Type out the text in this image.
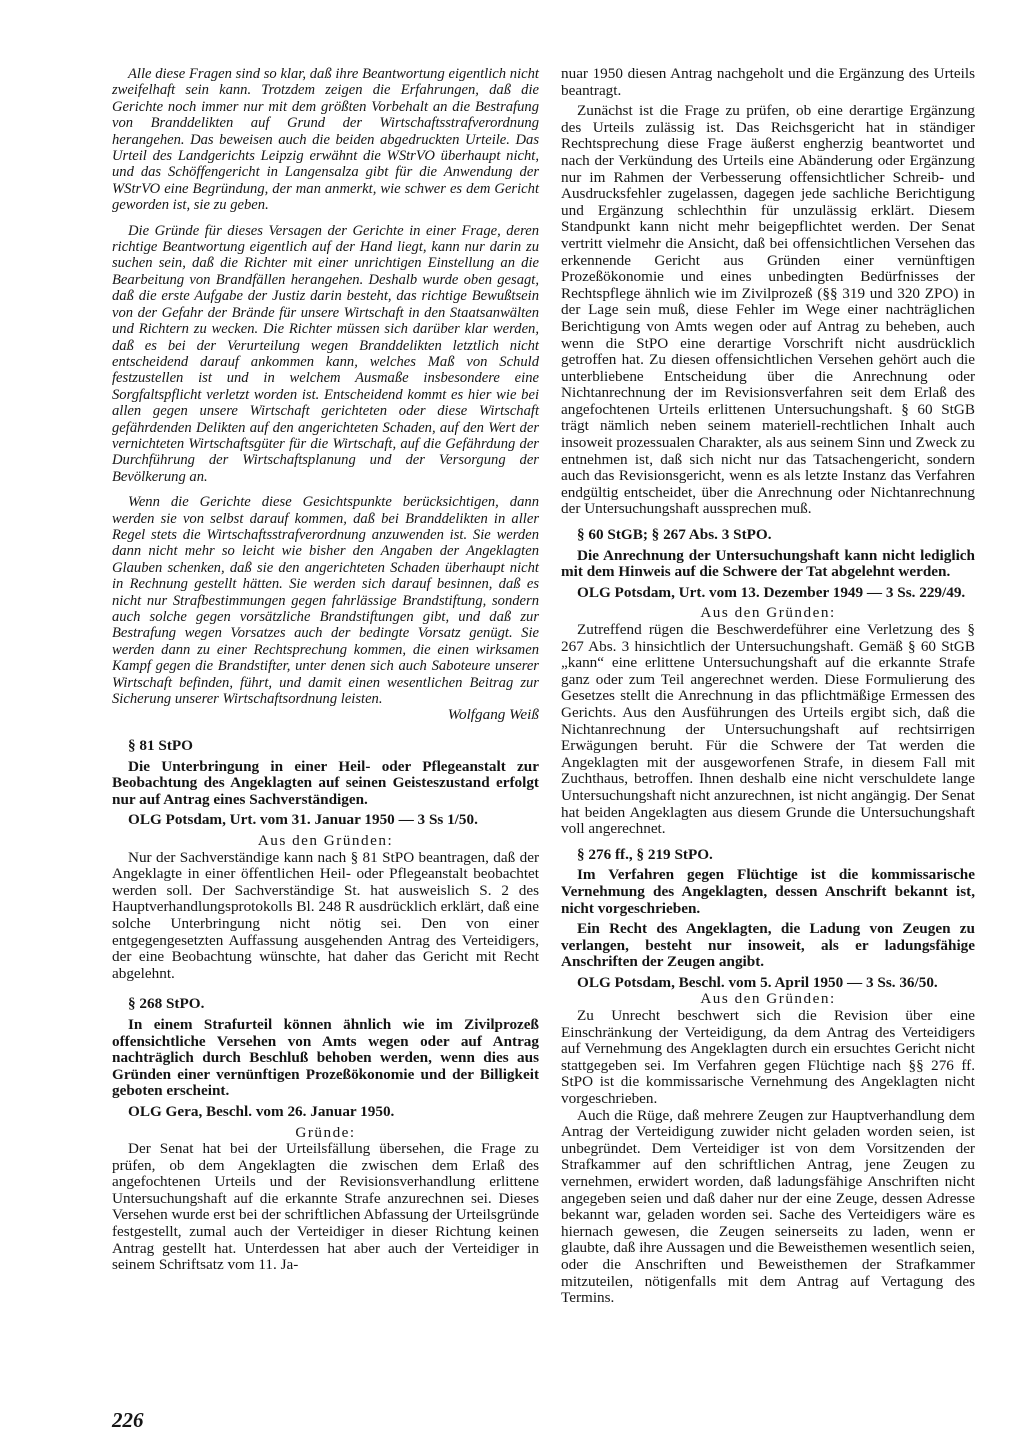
Alle diese Fragen sind so klar, daß ihre Beantwortung eigentlich nicht zweifelhaft sein kann. Trotzdem zeigen die Erfahrungen, daß die Gerichte noch immer nur mit dem größten Vorbehalt an die Bestrafung von Branddelikten auf Grund der Wirtschaftsstrafverordnung herangehen. Das beweisen auch die beiden abgedruckten Urteile. Das Urteil des Landgerichts Leipzig erwähnt die WStrVO überhaupt nicht, und das Schöffengericht in Langensalza gibt für die Anwendung der WStrVO eine Begründung, der man anmerkt, wie schwer es dem Gericht geworden ist, sie zu geben.

Die Gründe für dieses Versagen der Gerichte in einer Frage, deren richtige Beantwortung eigentlich auf der Hand liegt, kann nur darin zu suchen sein, daß die Richter mit einer unrichtigen Einstellung an die Bearbeitung von Brandfällen herangehen. Deshalb wurde oben gesagt, daß die erste Aufgabe der Justiz darin besteht, das richtige Bewußtsein von der Gefahr der Brände für unsere Wirtschaft in den Staatsanwälten und Richtern zu wecken. Die Richter müssen sich darüber klar werden, daß es bei der Verurteilung wegen Branddelikten letztlich nicht entscheidend darauf ankommen kann, welches Maß von Schuld festzustellen ist und in welchem Ausmaße insbesondere eine Sorgfaltspflicht verletzt worden ist. Entscheidend kommt es hier wie bei allen gegen unsere Wirtschaft gerichteten oder diese Wirtschaft gefährdenden Delikten auf den angerichteten Schaden, auf den Wert der vernichteten Wirtschaftsgüter für die Wirtschaft, auf die Gefährdung der Durchführung der Wirtschaftsplanung und der Versorgung der Bevölkerung an.

Wenn die Gerichte diese Gesichtspunkte berücksichtigen, dann werden sie von selbst darauf kommen, daß bei Branddelikten in aller Regel stets die Wirtschaftsstrafverordnung anzuwenden ist. Sie werden dann nicht mehr so leicht wie bisher den Angaben der Angeklagten Glauben schenken, daß sie den angerichteten Schaden überhaupt nicht in Rechnung gestellt hätten. Sie werden sich darauf besinnen, daß es nicht nur Strafbestimmungen gegen fahrlässige Brandstiftung, sondern auch solche gegen vorsätzliche Brandstiftungen gibt, und daß zur Bestrafung wegen Vorsatzes auch der bedingte Vorsatz genügt. Sie werden dann zu einer Rechtsprechung kommen, die einen wirksamen Kampf gegen die Brandstifter, unter denen sich auch Saboteure unserer Wirtschaft befinden, führt, und damit einen wesentlichen Beitrag zur Sicherung unserer Wirtschaftsordnung leisten.

Wolfgang Weiß

§ 81 StPO

Die Unterbringung in einer Heil- oder Pflegeanstalt zur Beobachtung des Angeklagten auf seinen Geisteszustand erfolgt nur auf Antrag eines Sachverständigen.

OLG Potsdam, Urt. vom 31. Januar 1950 — 3 Ss 1/50.

Aus den Gründen:

Nur der Sachverständige kann nach § 81 StPO beantragen, daß der Angeklagte in einer öffentlichen Heil- oder Pflegeanstalt beobachtet werden soll. Der Sachverständige St. hat ausweislich S. 2 des Hauptverhandlungsprotokolls Bl. 248 R ausdrücklich erklärt, daß eine solche Unterbringung nicht nötig sei. Den von einer entgegengesetzten Auffassung ausgehenden Antrag des Verteidigers, der eine Beobachtung wünschte, hat daher das Gericht mit Recht abgelehnt.

§ 268 StPO.

In einem Strafurteil können ähnlich wie im Zivilprozeß offensichtliche Versehen von Amts wegen oder auf Antrag nachträglich durch Beschluß behoben werden, wenn dies aus Gründen einer vernünftigen Prozeßökonomie und der Billigkeit geboten erscheint.

OLG Gera, Beschl. vom 26. Januar 1950.

Gründe:

Der Senat hat bei der Urteilsfällung übersehen, die Frage zu prüfen, ob dem Angeklagten die zwischen dem Erlaß des angefochtenen Urteils und der Revisionsverhandlung erlittene Untersuchungshaft auf die erkannte Strafe anzurechnen sei. Dieses Versehen wurde erst bei der schriftlichen Abfassung der Urteilsgründe festgestellt, zumal auch der Verteidiger in dieser Richtung keinen Antrag gestellt hat. Unterdessen hat aber auch der Verteidiger in seinem Schriftsatz vom 11. Ja-

nuar 1950 diesen Antrag nachgeholt und die Ergänzung des Urteils beantragt.

Zunächst ist die Frage zu prüfen, ob eine derartige Ergänzung des Urteils zulässig ist. Das Reichsgericht hat in ständiger Rechtsprechung diese Frage äußerst engherzig beantwortet und nach der Verkündung des Urteils eine Abänderung oder Ergänzung nur im Rahmen der Verbesserung offensichtlicher Schreib- und Ausdrucksfehler zugelassen, dagegen jede sachliche Berichtigung und Ergänzung schlechthin für unzulässig erklärt. Diesem Standpunkt kann nicht mehr beigepflichtet werden. Der Senat vertritt vielmehr die Ansicht, daß bei offensichtlichen Versehen das erkennende Gericht aus Gründen einer vernünftigen Prozeßökonomie und eines unbedingten Bedürfnisses der Rechtspflege ähnlich wie im Zivilprozeß (§§ 319 und 320 ZPO) in der Lage sein muß, diese Fehler im Wege einer nachträglichen Berichtigung von Amts wegen oder auf Antrag zu beheben, auch wenn die StPO eine derartige Vorschrift nicht ausdrücklich getroffen hat. Zu diesen offensichtlichen Versehen gehört auch die unterbliebene Entscheidung über die Anrechnung oder Nichtanrechnung der im Revisionsverfahren seit dem Erlaß des angefochtenen Urteils erlittenen Untersuchungshaft. § 60 StGB trägt nämlich neben seinem materiell-rechtlichen Inhalt auch insoweit prozessualen Charakter, als aus seinem Sinn und Zweck zu entnehmen ist, daß sich nicht nur das Tatsachengericht, sondern auch das Revisionsgericht, wenn es als letzte Instanz das Verfahren endgültig entscheidet, über die Anrechnung oder Nichtanrechnung der Untersuchungshaft aussprechen muß.

§ 60 StGB; § 267 Abs. 3 StPO.

Die Anrechnung der Untersuchungshaft kann nicht lediglich mit dem Hinweis auf die Schwere der Tat abgelehnt werden.

OLG Potsdam, Urt. vom 13. Dezember 1949 — 3 Ss. 229/49.

Aus den Gründen:

Zutreffend rügen die Beschwerdeführer eine Verletzung des § 267 Abs. 3 hinsichtlich der Untersuchungshaft. Gemäß § 60 StGB „kann“ eine erlittene Untersuchungshaft auf die erkannte Strafe ganz oder zum Teil angerechnet werden. Diese Formulierung des Gesetzes stellt die Anrechnung in das pflichtmäßige Ermessen des Gerichts. Aus den Ausführungen des Urteils ergibt sich, daß die Nichtanrechnung der Untersuchungshaft auf rechtsirrigen Erwägungen beruht. Für die Schwere der Tat werden die Angeklagten mit der ausgeworfenen Strafe, in diesem Fall mit Zuchthaus, betroffen. Ihnen deshalb eine nicht verschuldete lange Untersuchungshaft nicht anzurechnen, ist nicht angängig. Der Senat hat beiden Angeklagten aus diesem Grunde die Untersuchungshaft voll angerechnet.

§ 276 ff., § 219 StPO.

Im Verfahren gegen Flüchtige ist die kommissarische Vernehmung des Angeklagten, dessen Anschrift bekannt ist, nicht vorgeschrieben.

Ein Recht des Angeklagten, die Ladung von Zeugen zu verlangen, besteht nur insoweit, als er ladungsfähige Anschriften der Zeugen angibt.

OLG Potsdam, Beschl. vom 5. April 1950 — 3 Ss. 36/50.

Aus den Gründen:

Zu Unrecht beschwert sich die Revision über eine Einschränkung der Verteidigung, da dem Antrag des Verteidigers auf Vernehmung des Angeklagten durch ein ersuchtes Gericht nicht stattgegeben sei. Im Verfahren gegen Flüchtige nach §§ 276 ff. StPO ist die kommissarische Vernehmung des Angeklagten nicht vorgeschrieben.

Auch die Rüge, daß mehrere Zeugen zur Hauptverhandlung dem Antrag der Verteidigung zuwider nicht geladen worden seien, ist unbegründet. Dem Verteidiger ist von dem Vorsitzenden der Strafkammer auf den schriftlichen Antrag, jene Zeugen zu vernehmen, erwidert worden, daß ladungsfähige Anschriften nicht angegeben seien und daß daher nur der eine Zeuge, dessen Adresse bekannt war, geladen worden sei. Sache des Verteidigers wäre es hiernach gewesen, die Zeugen seinerseits zu laden, wenn er glaubte, daß ihre Aussagen und die Beweisthemen wesentlich seien, oder die Anschriften und Beweisthemen der Strafkammer mitzuteilen, nötigenfalls mit dem Antrag auf Vertagung des Termins.

226
